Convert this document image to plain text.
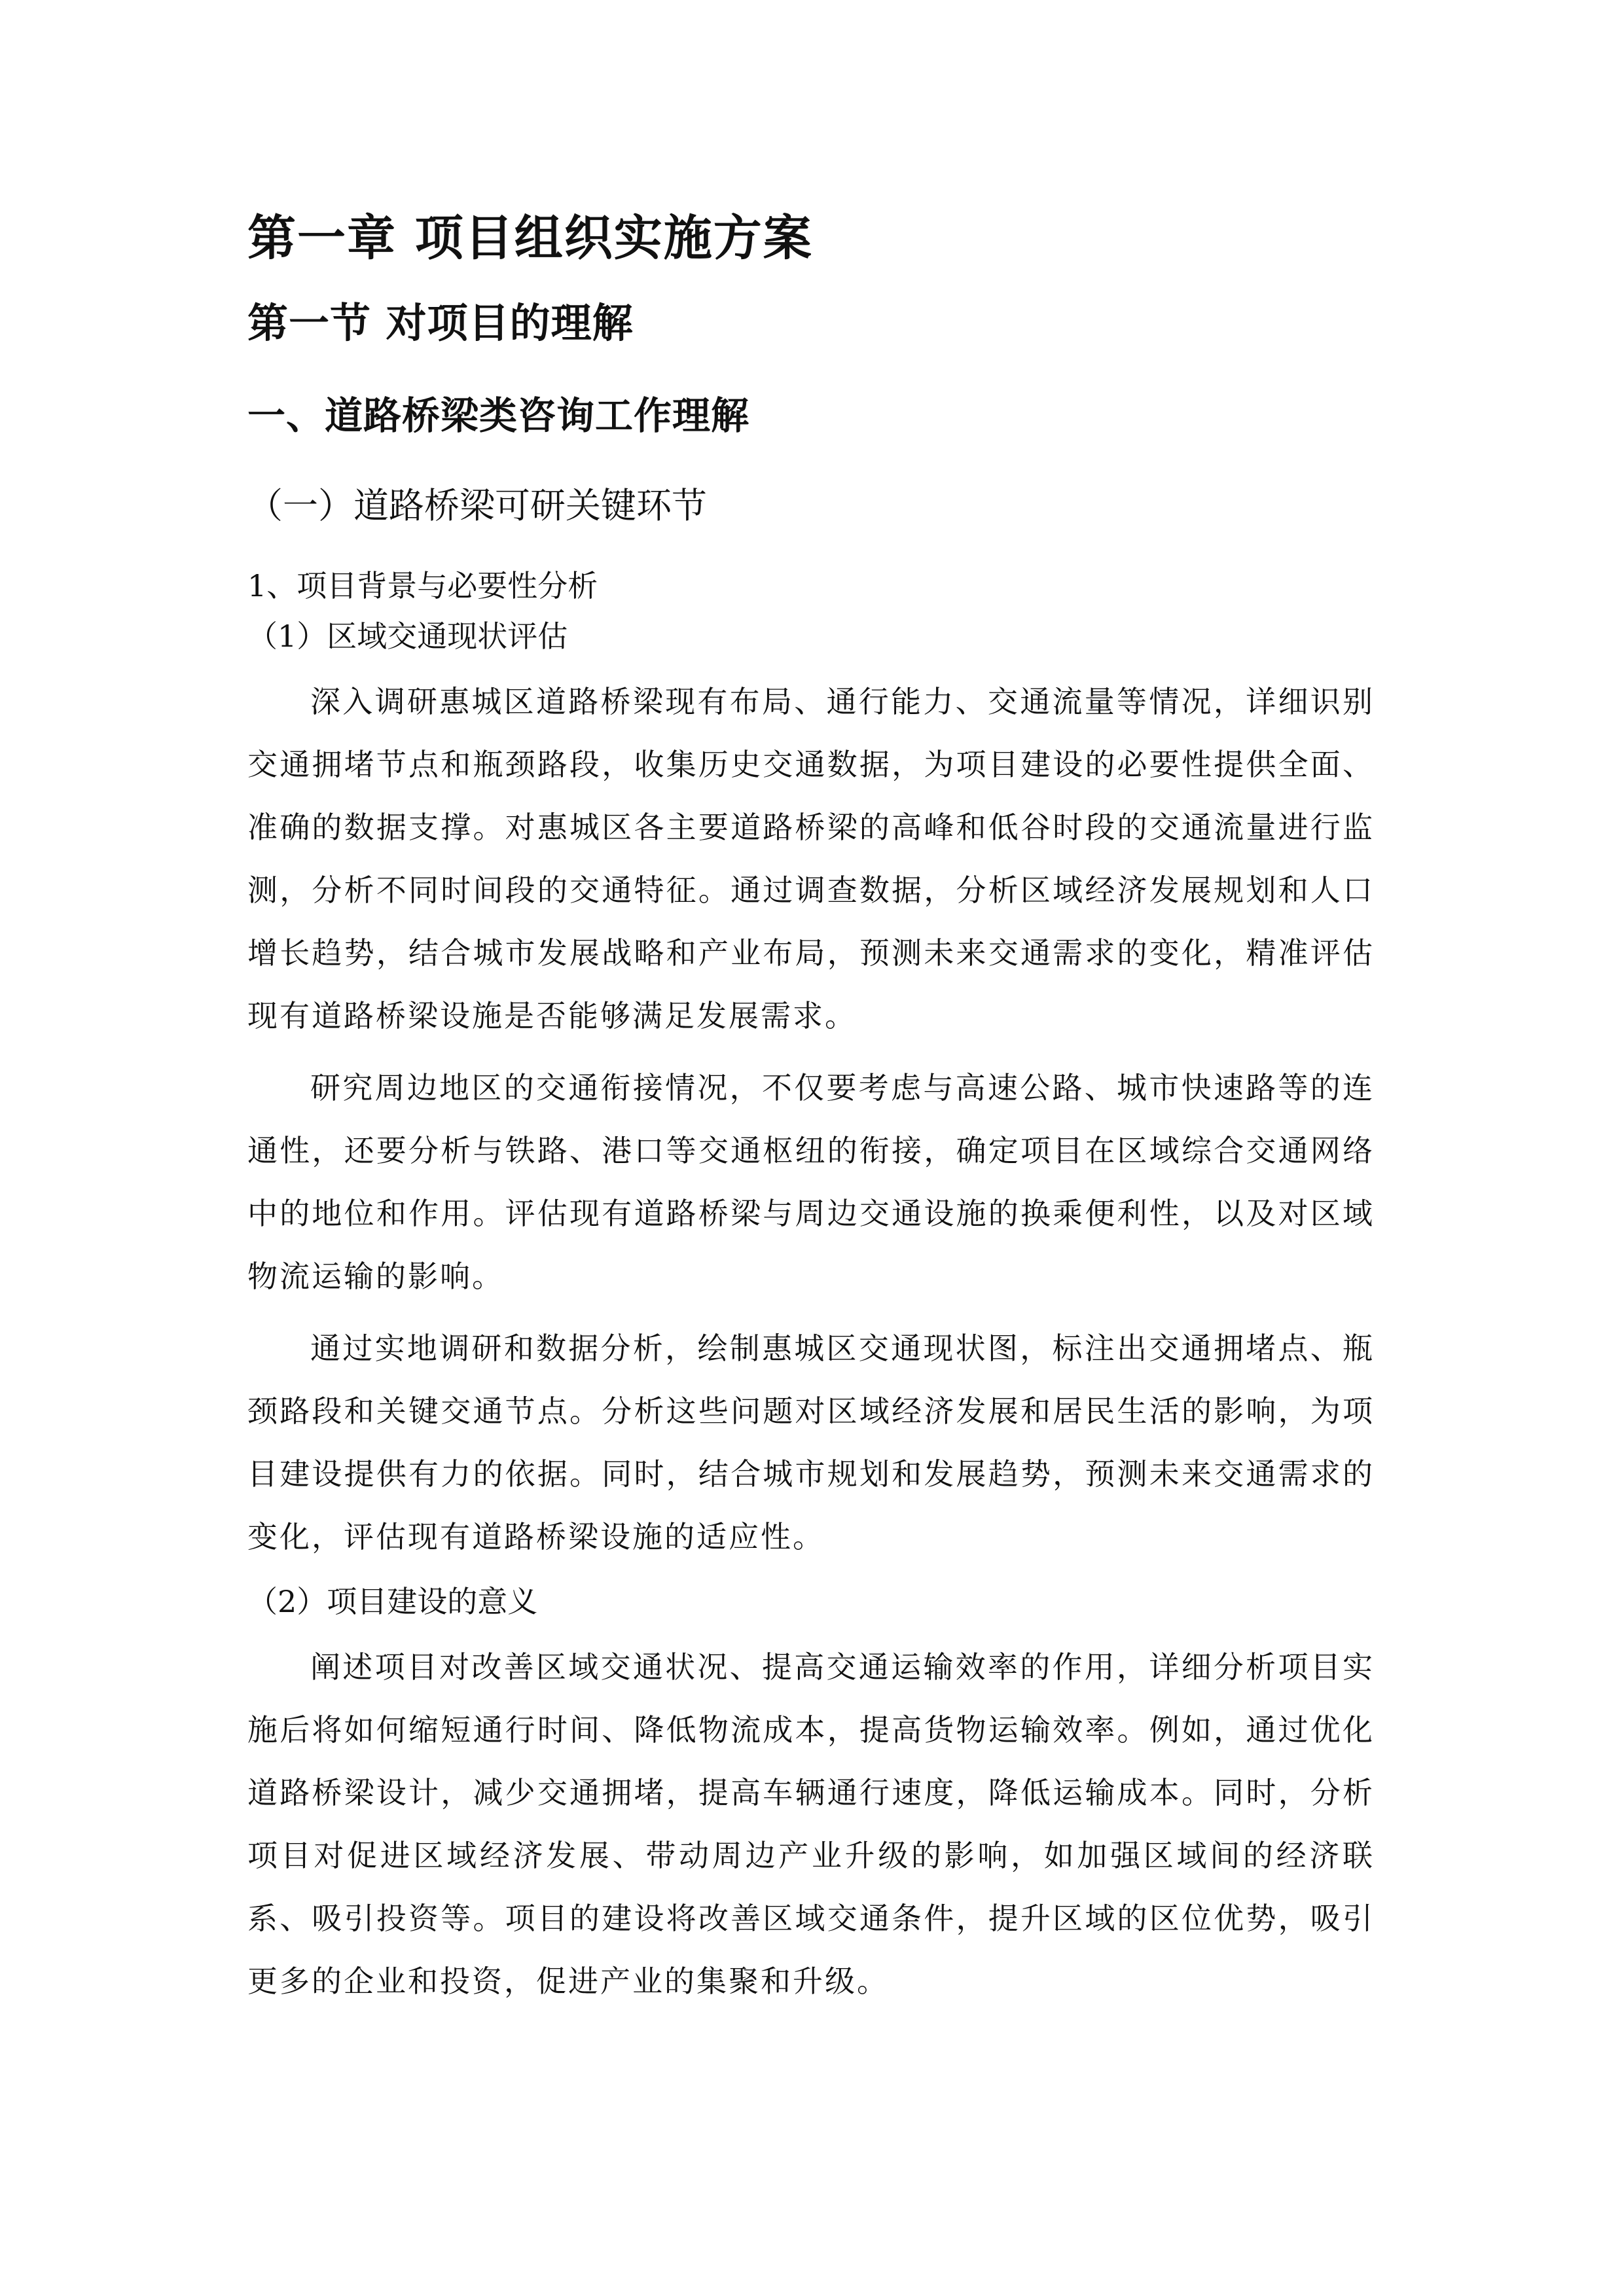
第一章 项目组织实施方案
第一节 对项目的理解
一、道路桥梁类咨询工作理解
（一）道路桥梁可研关键环节
1、项目背景与必要性分析
（1）区域交通现状评估

深入调研惠城区道路桥梁现有布局、通行能力、交通流量等情况，详细识别交通拥堵节点和瓶颈路段，收集历史交通数据，为项目建设的必要性提供全面、准确的数据支撑。对惠城区各主要道路桥梁的高峰和低谷时段的交通流量进行监测，分析不同时间段的交通特征。通过调查数据，分析区域经济发展规划和人口增长趋势，结合城市发展战略和产业布局，预测未来交通需求的变化，精准评估现有道路桥梁设施是否能够满足发展需求。

研究周边地区的交通衔接情况，不仅要考虑与高速公路、城市快速路等的连通性，还要分析与铁路、港口等交通枢纽的衔接，确定项目在区域综合交通网络中的地位和作用。评估现有道路桥梁与周边交通设施的换乘便利性，以及对区域物流运输的影响。

通过实地调研和数据分析，绘制惠城区交通现状图，标注出交通拥堵点、瓶颈路段和关键交通节点。分析这些问题对区域经济发展和居民生活的影响，为项目建设提供有力的依据。同时，结合城市规划和发展趋势，预测未来交通需求的变化，评估现有道路桥梁设施的适应性。

（2）项目建设的意义

阐述项目对改善区域交通状况、提高交通运输效率的作用，详细分析项目实施后将如何缩短通行时间、降低物流成本，提高货物运输效率。例如，通过优化道路桥梁设计，减少交通拥堵，提高车辆通行速度，降低运输成本。同时，分析项目对促进区域经济发展、带动周边产业升级的影响，如加强区域间的经济联系、吸引投资等。项目的建设将改善区域交通条件，提升区域的区位优势，吸引更多的企业和投资，促进产业的集聚和升级。
